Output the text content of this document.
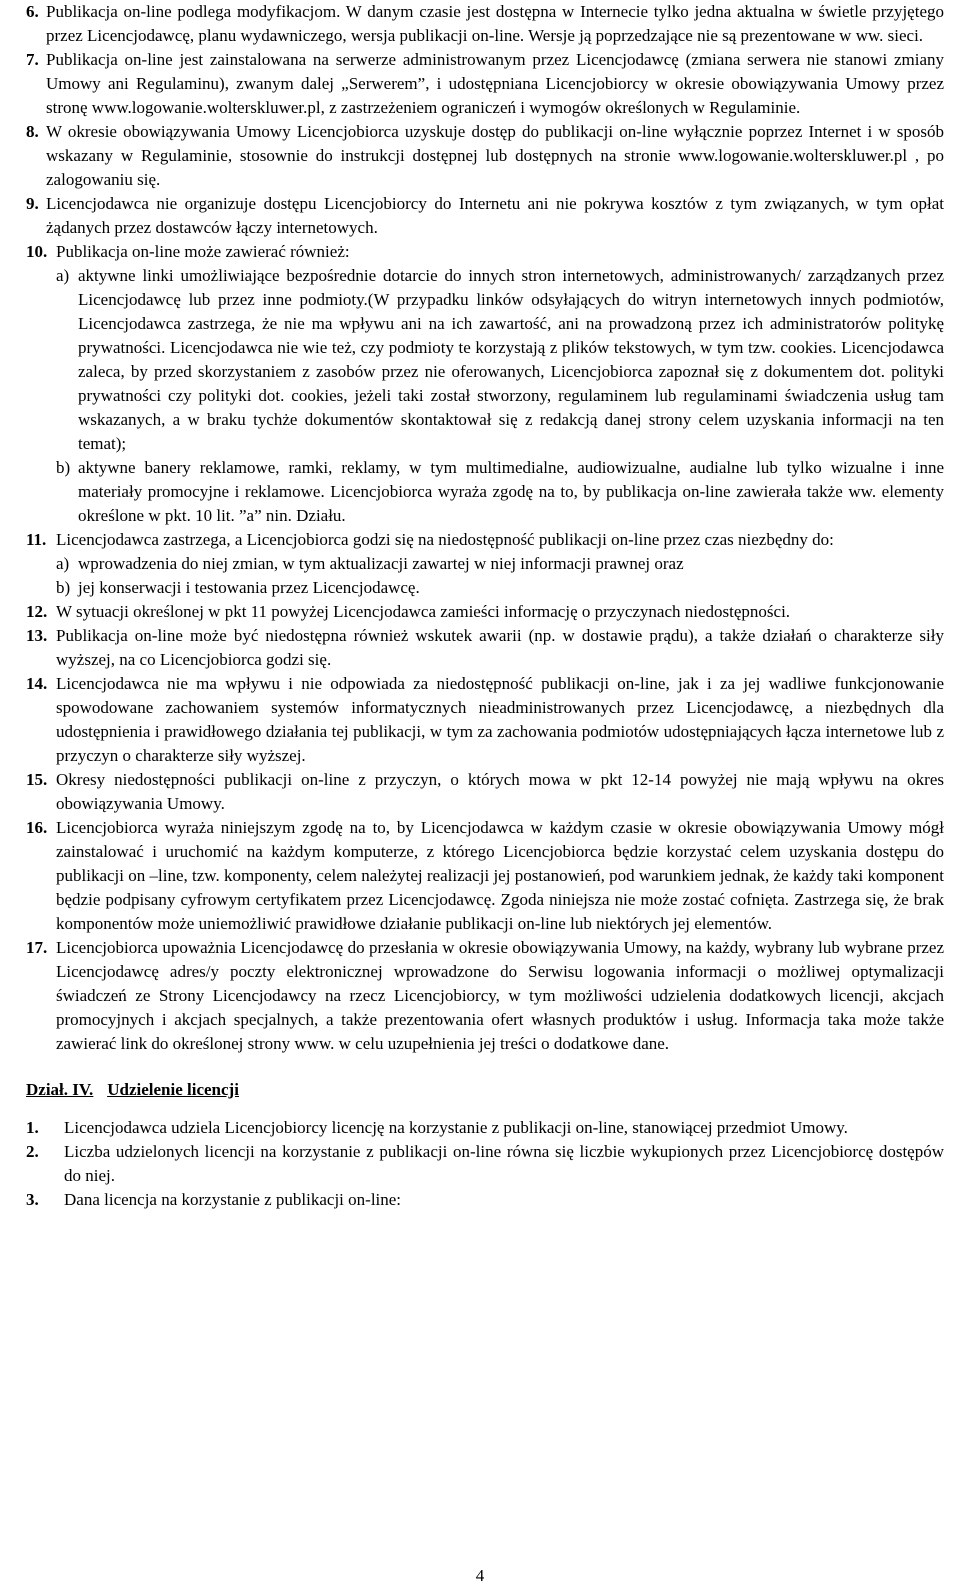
6. Publikacja on-line podlega modyfikacjom. W danym czasie jest dostępna w Internecie tylko jedna aktualna w świetle przyjętego przez Licencjodawcę, planu wydawniczego, wersja publikacji on-line. Wersje ją poprzedzające nie są prezentowane w ww. sieci.
7. Publikacja on-line jest zainstalowana na serwerze administrowanym przez Licencjodawcę (zmiana serwera nie stanowi zmiany Umowy ani Regulaminu), zwanym dalej „Serwerem”, i udostępniana Licencjobiorcy w okresie obowiązywania Umowy przez stronę www.logowanie.wolterskluwer.pl, z zastrzeżeniem ograniczeń i wymogów określonych w Regulaminie.
8. W okresie obowiązywania Umowy Licencjobiorca uzyskuje dostęp do publikacji on-line wyłącznie poprzez Internet i w sposób wskazany w Regulaminie, stosownie do instrukcji dostępnej lub dostępnych na stronie www.logowanie.wolterskluwer.pl , po zalogowaniu się.
9. Licencjodawca nie organizuje dostępu Licencjobiorcy do Internetu ani nie pokrywa kosztów z tym związanych, w tym opłat żądanych przez dostawców łączy internetowych.
10. Publikacja on-line może zawierać również:
a) aktywne linki umożliwiające bezpośrednie dotarcie do innych stron internetowych, administrowanych/ zarządzanych przez Licencjodawcę lub przez inne podmioty.(W przypadku linków odsyłających do witryn internetowych innych podmiotów, Licencjodawca zastrzega, że nie ma wpływu ani na ich zawartość, ani na prowadzoną przez ich administratorów politykę prywatności. Licencjodawca nie wie też, czy podmioty te korzystają z plików tekstowych, w tym tzw. cookies. Licencjodawca zaleca, by przed skorzystaniem z zasobów przez nie oferowanych, Licencjobiorca zapoznał się z dokumentem dot. polityki prywatności czy polityki dot. cookies, jeżeli taki został stworzony, regulaminem lub regulaminami świadczenia usług tam wskazanych, a w braku tychże dokumentów skontaktował się z redakcją danej strony celem uzyskania informacji na ten temat);
b) aktywne banery reklamowe, ramki, reklamy, w tym multimedialne, audiowizualne, audialne lub tylko wizualne i inne materiały promocyjne i reklamowe. Licencjobiorca wyraża zgodę na to, by publikacja on-line zawierała także ww. elementy określone w pkt. 10 lit. ”a” nin. Działu.
11. Licencjodawca zastrzega, a Licencjobiorca godzi się na niedostępność publikacji on-line przez czas niezbędny do:
a) wprowadzenia do niej zmian, w tym aktualizacji zawartej w niej informacji prawnej oraz
b) jej konserwacji i testowania przez Licencjodawcę.
12. W sytuacji określonej w pkt 11 powyżej Licencjodawca zamieści informację o przyczynach niedostępności.
13. Publikacja on-line może być niedostępna również wskutek awarii (np. w dostawie prądu), a także działań o charakterze siły wyższej, na co Licencjobiorca godzi się.
14. Licencjodawca nie ma wpływu i nie odpowiada za niedostępność publikacji on-line, jak i za jej wadliwe funkcjonowanie spowodowane zachowaniem systemów informatycznych nieadministrowanych przez Licencjodawcę, a niezbędnych dla udostępnienia i prawidłowego działania tej publikacji, w tym za zachowania podmiotów udostępniających łącza internetowe lub z przyczyn o charakterze siły wyższej.
15. Okresy niedostępności publikacji on-line z przyczyn, o których mowa w pkt 12-14 powyżej nie mają wpływu na okres obowiązywania Umowy.
16. Licencjobiorca wyraża niniejszym zgodę na to, by Licencjodawca w każdym czasie w okresie obowiązywania Umowy mógł zainstalować i uruchomić na każdym komputerze, z którego Licencjobiorca będzie korzystać celem uzyskania dostępu do publikacji on –line, tzw. komponenty, celem należytej realizacji jej postanowień, pod warunkiem jednak, że każdy taki komponent będzie podpisany cyfrowym certyfikatem przez Licencjodawcę. Zgoda niniejsza nie może zostać cofnięta. Zastrzega się, że brak komponentów może uniemożliwić prawidłowe działanie publikacji on-line lub niektórych jej elementów.
17. Licencjobiorca upoważnia Licencjodawcę do przesłania w okresie obowiązywania Umowy, na każdy, wybrany lub wybrane przez Licencjodawcę adres/y poczty elektronicznej wprowadzone do Serwisu logowania informacji o możliwej optymalizacji świadczeń ze Strony Licencjodawcy na rzecz Licencjobiorcy, w tym możliwości udzielenia dodatkowych licencji, akcjach promocyjnych i akcjach specjalnych, a także prezentowania ofert własnych produktów i usług. Informacja taka może także zawierać link do określonej strony www. w celu uzupełnienia jej treści o dodatkowe dane.
Dział. IV. Udzielenie licencji
1.	Licencjodawca udziela Licencjobiorcy licencję na korzystanie z publikacji on-line, stanowiącej przedmiot Umowy.
2.	Liczba udzielonych licencji na korzystanie z publikacji on-line równa się liczbie wykupionych przez Licencjobiorcę dostępów do niej.
3.	Dana licencja na korzystanie z publikacji on-line:
4
